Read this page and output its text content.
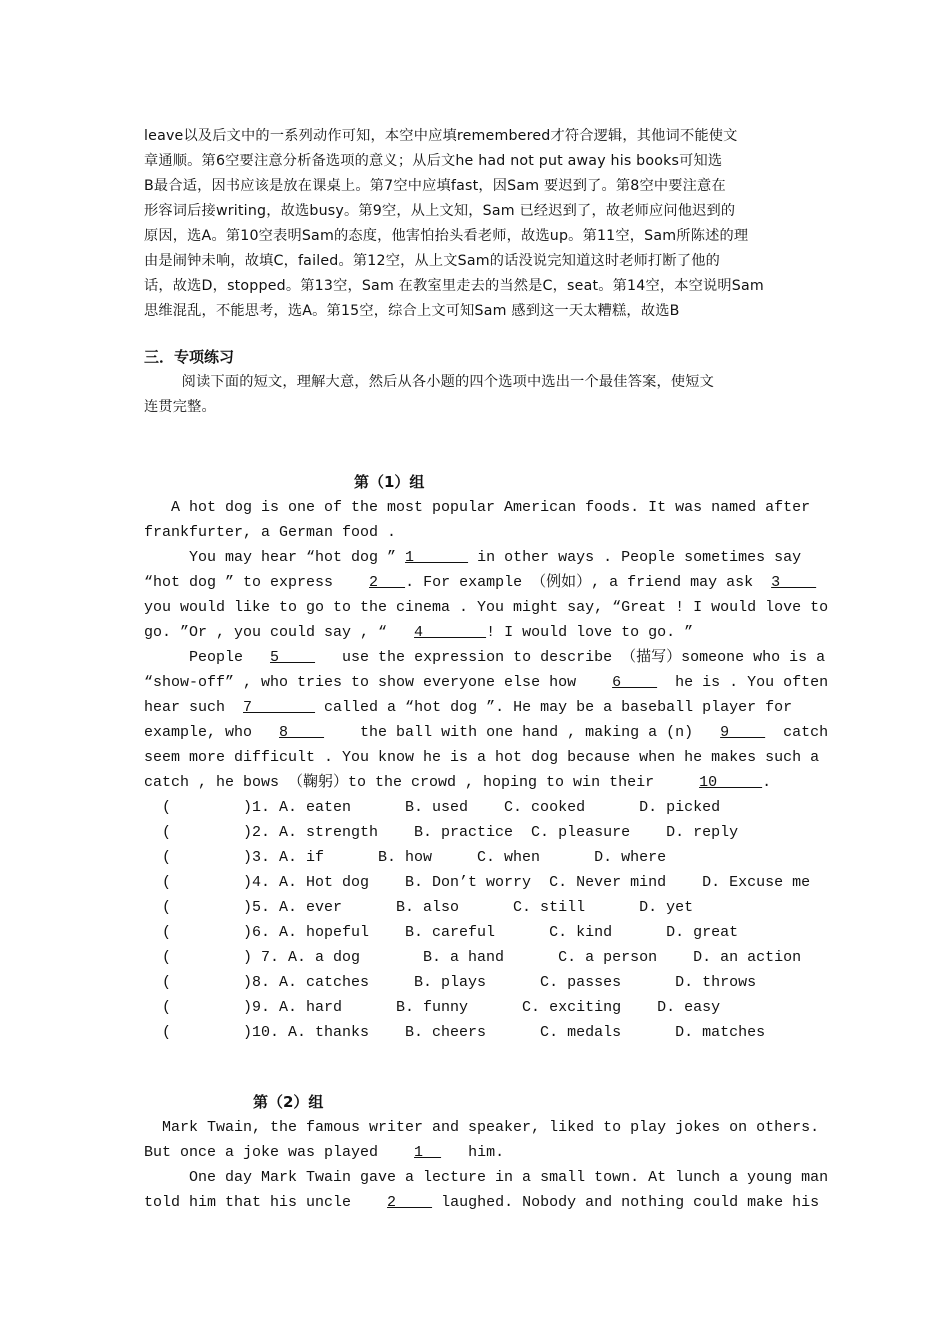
leave以及后文中的一系列动作可知，本空中应填remembered才符合逻辑，其他词不能使文
章通顺。第6空要注意分析备选项的意义；从后文he had not put away his books可知选
B最合适，因书应该是放在课桌上。第7空中应填fast，因Sam 要迟到了。第8空中要注意在
形容词后接writing，故选busy。第9空，从上文知，Sam 已经迟到了，故老师应问他迟到的
原因，选A。第10空表明Sam的态度，他害怕抬头看老师，故选up。第11空，Sam所陈述的理
由是闹钟未响，故填C，failed。第12空，从上文Sam的话没说完知道这时老师打断了他的
话，故选D，stopped。第13空，Sam 在教室里走去的当然是C，seat。第14空，本空说明Sam
思维混乱，不能思考，选A。第15空，综合上文可知Sam 感到这一天太糟糕，故选B
三．专项练习
阅读下面的短文，理解大意，然后从各小题的四个选项中选出一个最佳答案，使短文
连贯完整。
第（1）组
A hot dog is one of the most popular American foods. It was named after
frankfurter, a German food .
You may hear “hot dog ” 1       in other ways . People sometimes say
“hot dog ” to express    2   . For example （例如）, a friend may ask  3
you would like to go to the cinema . You might say, “Great ! I would love to
go. ”Or , you could say , “   4       ! I would love to go. ”
People   5       use the expression to describe （描写）someone who is a
“show-off” , who tries to show everyone else how    6      he is . You often
hear such  7        called a “hot dog ”. He may be a baseball player for
example, who   8        the ball with one hand , making a (n)   9      catch
seem more difficult . You know he is a hot dog because when he makes such a
catch , he bows （鞠躬）to the crowd , hoping to win their     10     .
(        )1. A. eaten      B. used    C. cooked      D. picked
(        )2. A. strength    B. practice  C. pleasure    D. reply
(        )3. A. if      B. how     C. when      D. where
(        )4. A. Hot dog    B. Don’t worry  C. Never mind    D. Excuse me
(        )5. A. ever      B. also      C. still      D. yet
(        )6. A. hopeful    B. careful      C. kind      D. great
(        ) 7. A. a dog       B. a hand      C. a person    D. an action
(        )8. A. catches     B. plays      C. passes      D. throws
(        )9. A. hard      B. funny      C. exciting    D. easy
(        )10. A. thanks    B. cheers      C. medals      D. matches
第（2）组
Mark Twain, the famous writer and speaker, liked to play jokes on others.
But once a joke was played    1     him.
One day Mark Twain gave a lecture in a small town. At lunch a young man
told him that his uncle    2     laughed. Nobody and nothing could make his
